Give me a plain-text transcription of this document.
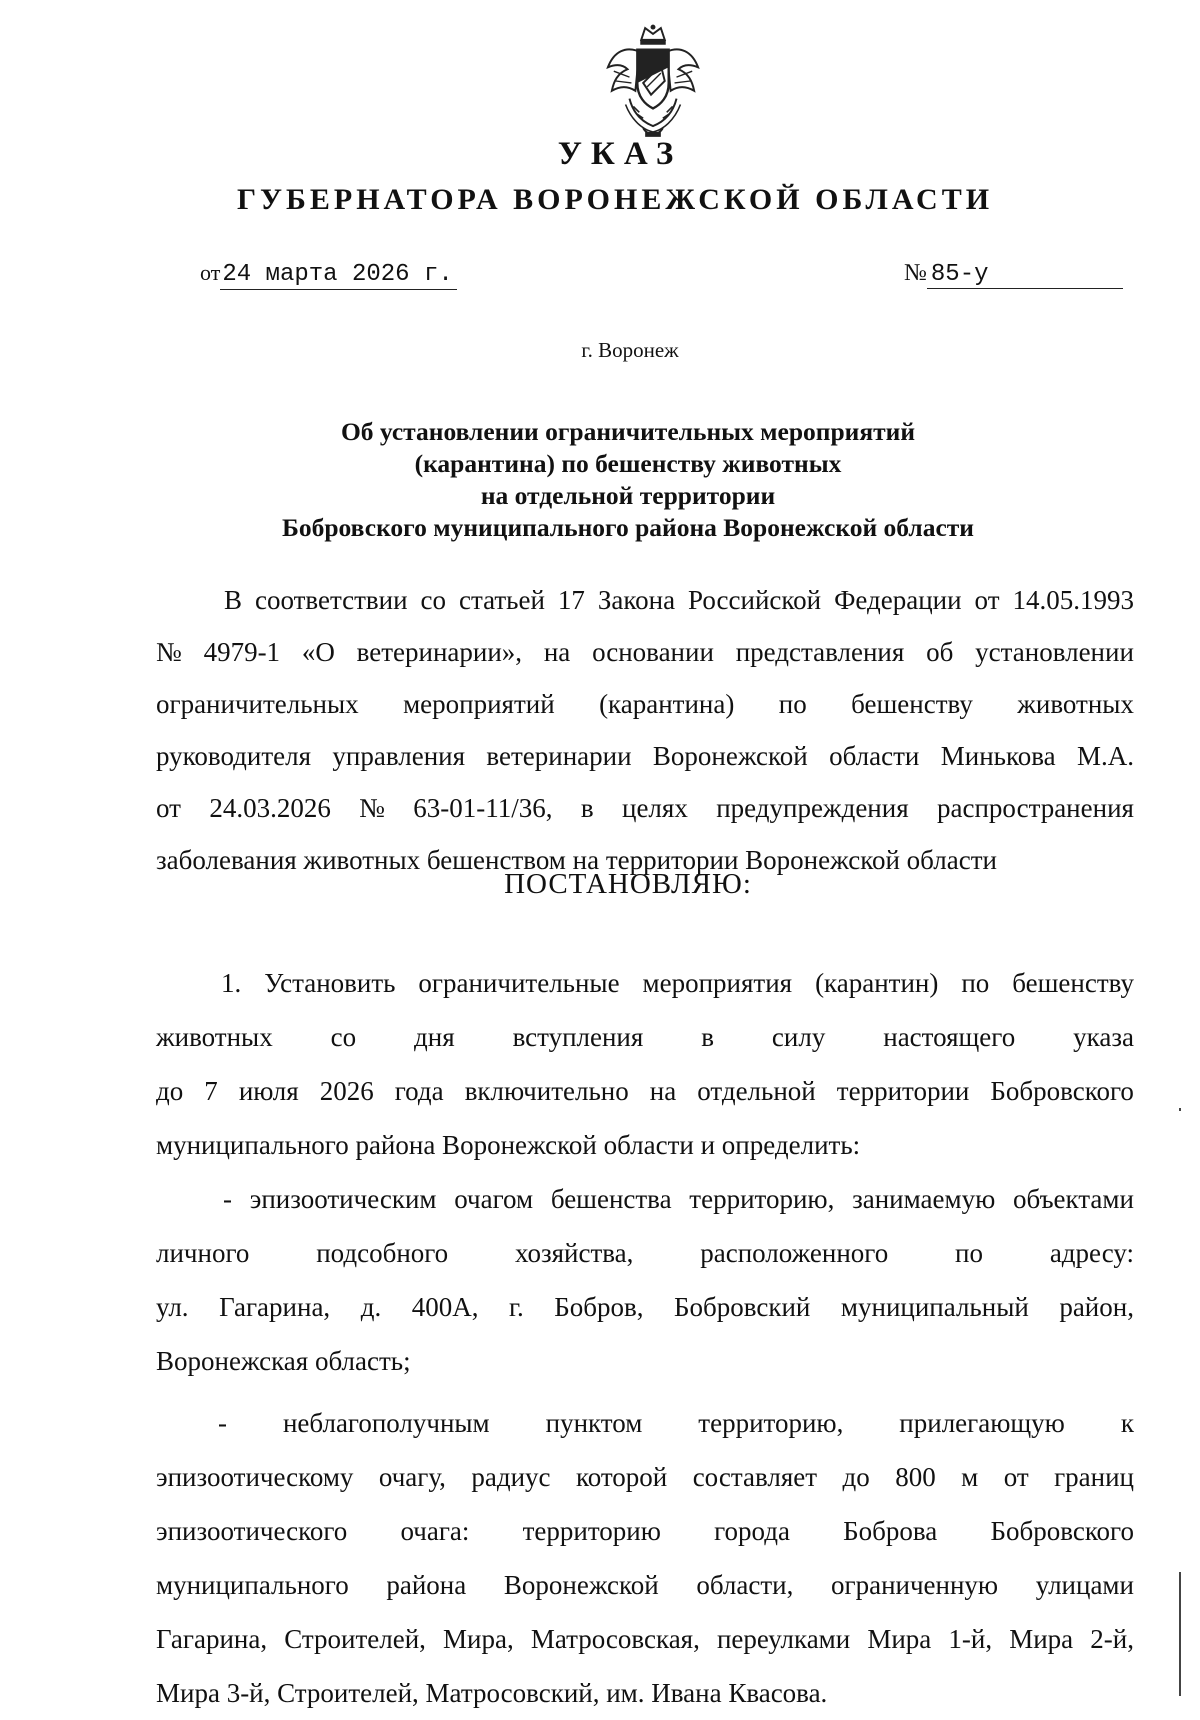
УКАЗ
ГУБЕРНАТОРА ВОРОНЕЖСКОЙ ОБЛАСТИ
от24 марта 2026 г.	№ 85-у
г. Воронеж
Об установлении ограничительных мероприятий
(карантина) по бешенству животных
на отдельной территории
Бобровского муниципального района Воронежской области
В соответствии со статьей 17 Закона Российской Федерации от 14.05.1993
№ 4979-1 «О ветеринарии», на основании представления об установлении
ограничительных мероприятий (карантина) по бешенству животных
руководителя управления ветеринарии Воронежской области Минькова М.А.
от 24.03.2026 № 63-01-11/36, в целях предупреждения распространения
заболевания животных бешенством на территории Воронежской области
ПОСТАНОВЛЯЮ:
1. Установить ограничительные мероприятия (карантин) по бешенству
животных со дня вступления в силу настоящего указа
до 7 июля 2026 года включительно на отдельной территории Бобровского
муниципального района Воронежской области и определить:
- эпизоотическим очагом бешенства территорию, занимаемую объектами
личного подсобного хозяйства, расположенного по адресу:
ул. Гагарина, д. 400А, г. Бобров, Бобровский муниципальный район,
Воронежская область;
- неблагополучным пунктом территорию, прилегающую к
эпизоотическому очагу, радиус которой составляет до 800 м от границ
эпизоотического очага: территорию города Боброва Бобровского
муниципального района Воронежской области, ограниченную улицами
Гагарина, Строителей, Мира, Матросовская, переулками Мира 1-й, Мира 2-й,
Мира 3-й, Строителей, Матросовский, им. Ивана Квасова.
